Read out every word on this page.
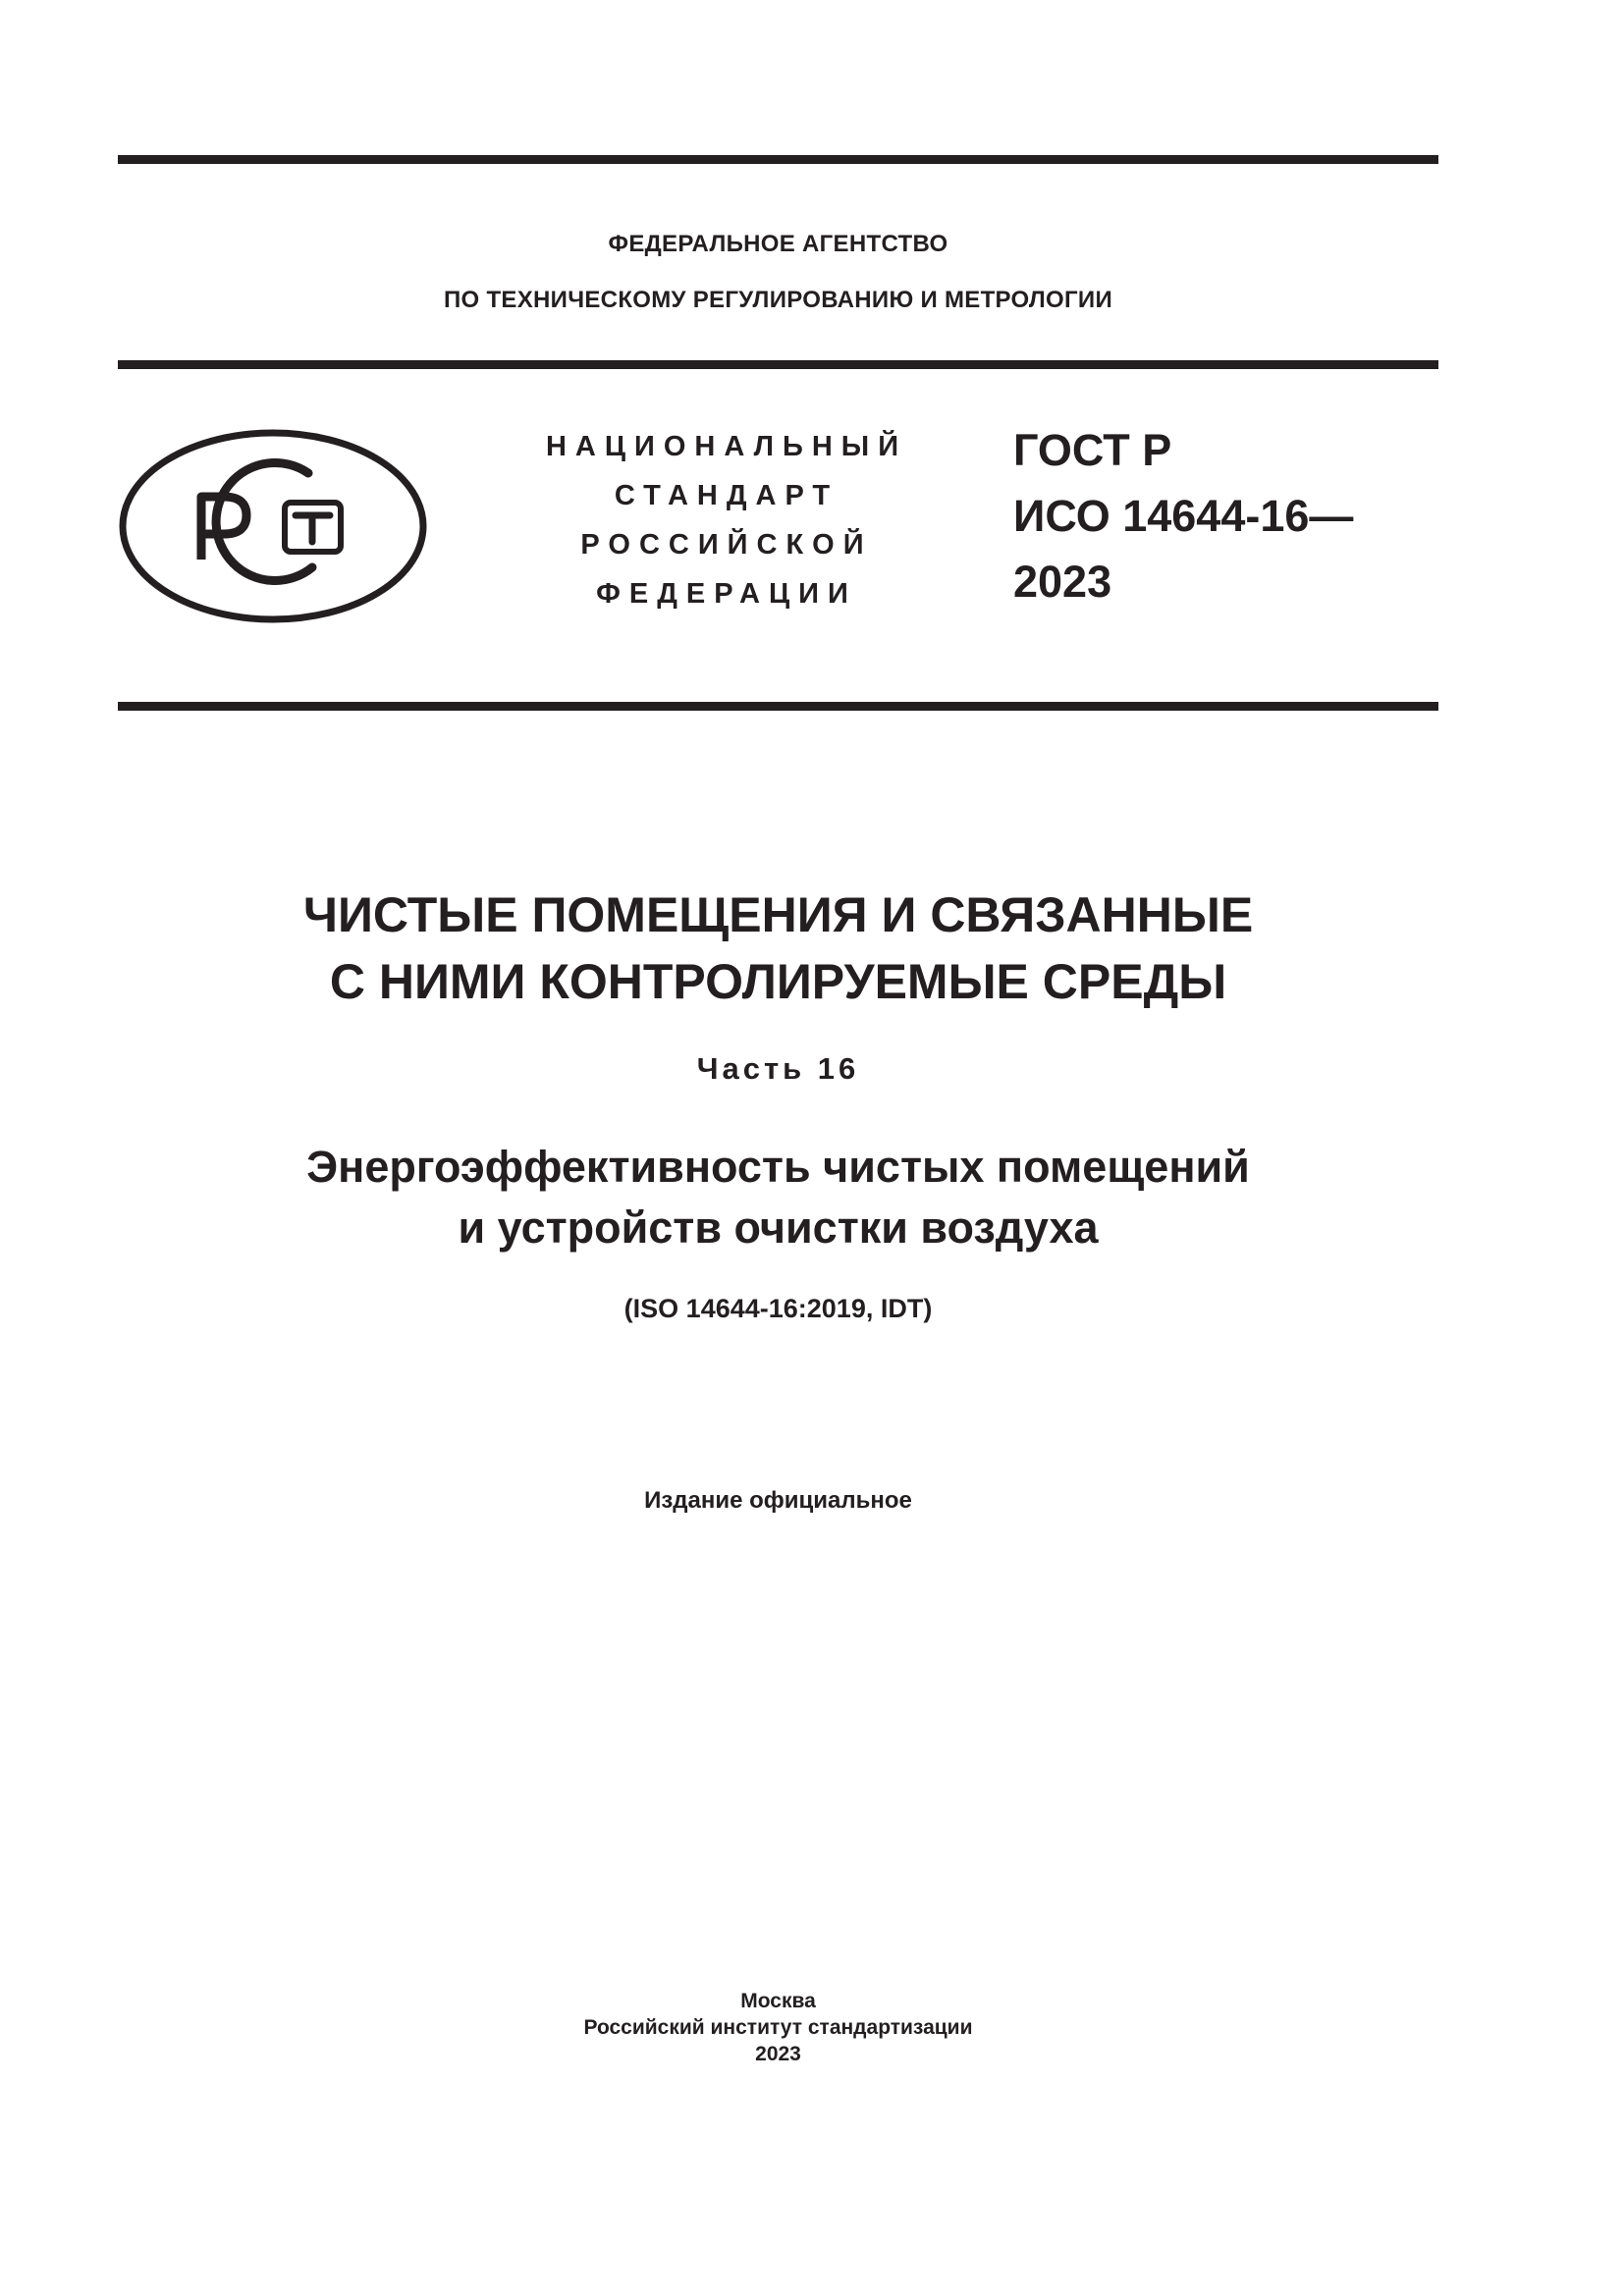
ФЕДЕРАЛЬНОЕ АГЕНТСТВО
ПО ТЕХНИЧЕСКОМУ РЕГУЛИРОВАНИЮ И МЕТРОЛОГИИ
НАЦИОНАЛЬНЫЙ
СТАНДАРТ
РОССИЙСКОЙ
ФЕДЕРАЦИИ
ГОСТ Р
ИСО 14644-16—
2023
ЧИСТЫЕ ПОМЕЩЕНИЯ И СВЯЗАННЫЕ
С НИМИ КОНТРОЛИРУЕМЫЕ СРЕДЫ
Часть 16
Энергоэффективность чистых помещений
и устройств очистки воздуха
(ISO 14644-16:2019, IDT)
Издание официальное
Москва
Российский институт стандартизации
2023
